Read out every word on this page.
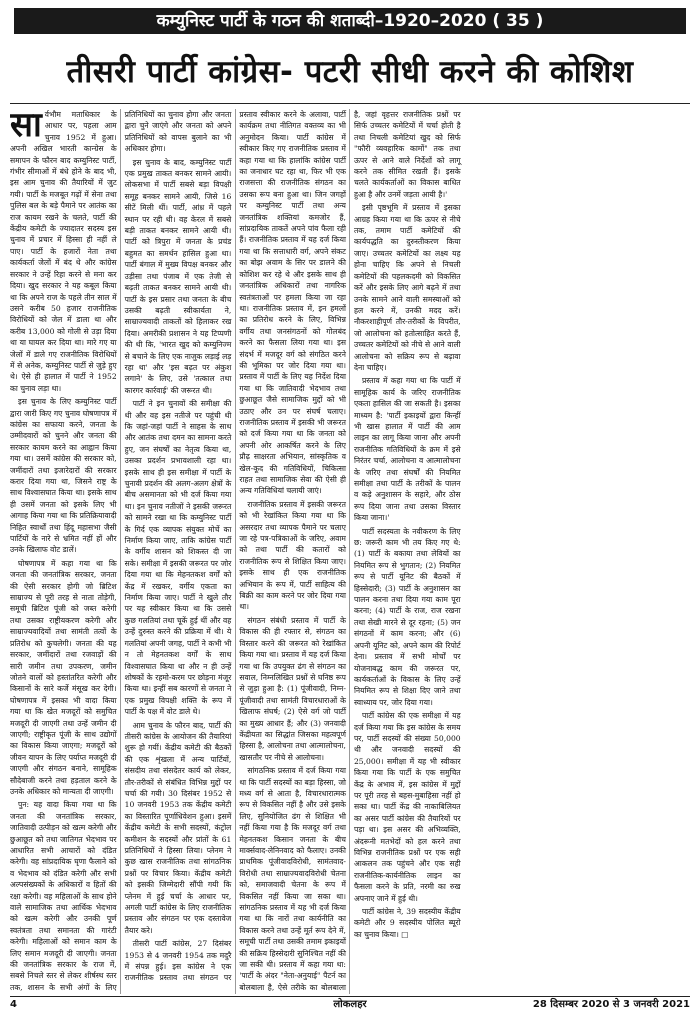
कम्युनिस्ट पार्टी के गठन की शताब्दी–1920–2020 ( 35 )
तीसरी पार्टी कांग्रेस- पटरी सीधी करने की कोशिश

सार्वभौम मताधिकार के आधार पर, पहला आम चुनाव 1952 में हुआ। अपनी अखिल भारती कान्ग्रेस के समापन के फौरन बाद कम्युनिस्ट पार्टी, गंभीर सीमाओं में बंधे होने के बाद भी, इस आम चुनाव की तैयारियों में जुट गयी। पार्टी के मजबूत गढ़ों में सेना तथा पुलिस बल के बड़े पैमाने पर आतंक का राज कायम रखने के चलते, पार्टी की केंद्रीय कमेटी के ज्यादातर सदस्य इस चुनाव में प्रचार में हिस्सा ही नहीं ले पाए। पार्टी के हजारों नेता तथा कार्यकर्ता जेलों में बंद थे और कांग्रेस सरकार ने उन्हें रिहा करने से मना कर दिया। खुद सरकार ने यह कबूल किया था कि अपने राज के पहले तीन साल में उसने करीब 50 हजार राजनीतिक विरोधियों को जेल में डाला था और करीब 13,000 को गोली से उड़ा दिया था या घायल कर दिया था। मारे गए या जेलों में डाले गए राजनीतिक विरोधियों में से अनेक, कम्युनिस्ट पार्टी से जुड़े हुए थे। ऐसे ही हालात में पार्टी ने 1952 का चुनाव लड़ा था।

इस चुनाव के लिए कम्युनिस्ट पार्टी द्वारा जारी किए गए चुनाव घोषणापत्र में कांग्रेस का सफाया करने, जनता के उम्मीदवारों को चुनने और जनता की सरकार कायम करने का आह्वान किया गया था। उसमें कांग्रेस की सरकार को, जमींदारों तथा इजारेदारों की सरकार करार दिया गया था, जिसने राष्ट्र के साथ विश्वासघात किया था। इसके साथ ही उसमें जनता को इसके लिए भी आगाह किया गया था कि प्रतिक्रियावादी निहित स्वार्थों तथा हिंदू महासभा जैसी पार्टियों के नारे से भ्रमित नहीं हों और उनके खिलाफ वोट डालें।

घोषणापत्र में कहा गया था कि जनता की जनतांत्रिक सरकार, जनता की ऐसी सरकार होगी जो ब्रिटिश साम्राज्य से पूरी तरह से नाता तोड़ेगी, समूची ब्रिटिश पूंजी को जब्त करेगी तथा उसका राष्ट्रीयकरण करेगी और साम्राज्यवादियों तथा सामंती तत्वों के प्रतिरोध को कुचलेगी। जनता की यह सरकार, जमींदारों तथा रजवाड़ों की सारी जमीन तथा उपकरण, जमीन जोतने वालों को हस्तांतरित करेगी और किसानों के सारे कर्जे मंसूख कर देगी। घोषणापत्र में इसका भी वादा किया गया था कि खेत मजदूरों को समुचित मजदूरी दी जाएगी तथा उन्हें जमीन दी जाएगी; राष्ट्रीकृत पूंजी के साथ उद्योगों का विकास किया जाएगा; मजदूरों को जीवन यापन के लिए पर्याप्त मजदूरी दी जाएगी और संगठन बनाने, सामूहिक सौदेबाजी करने तथा हड़ताल करने के उनके अधिकार को मान्यता दी जाएगी।

पुन: यह वादा किया गया था कि जनता की जनतांत्रिक सरकार, जातिवादी उत्पीड़न को खत्म करेगी और छुआछूत को तथा जातिगत भेदभाव पर आधारित सभी आचारों को दंडित करेगी। वह सांप्रदायिक घृणा फैलाने को व भेदभाव को दंडित करेगी और सभी अल्पसंख्यकों के अधिकारों व हितों की रक्षा करेगी। वह महिलाओं के साथ होने वाले सामाजिक तथा आर्थिक भेदभाव को खत्म करेगी और उनकी पूर्ण स्वतंत्रता तथा समानता की गारंटी करेगी। महिलाओं को समान काम के लिए समान मजदूरी दी जाएगी। जनता की जनतांत्रिक सरकार के राज में, सबसे निचले स्तर से लेकर शीर्षस्थ स्तर तक, शासन के सभी अंगों के लिए प्रतिनिधियों का चुनाव होगा और जनता द्वारा चुने जाएंगे और जनता को अपने प्रतिनिधियों को वापस बुलाने का भी अधिकार होगा।

इस चुनाव के बाद, कम्युनिस्ट पार्टी एक प्रमुख ताकत बनकर सामने आयी। लोकसभा में पार्टी सबसे बड़ा विपक्षी समूह बनकर सामने आयी, जिसे 16 सीटें मिली थीं। पार्टी, आंध्र में पहले स्थान पर रही थी। वह केरल में सबसे बड़ी ताकत बनकर सामने आयी थी। पार्टी को त्रिपुरा में जनता के प्रचंड बहुमत का समर्थन हासिल हुआ था। पार्टी बंगाल में मुख्य विपक्ष बनकर और उड़ीसा तथा पंजाब में एक तेजी से बढ़ती ताकत बनकर सामने आयी थी। पार्टी के इस प्रसार तथा जनता के बीच उसकी बढ़ती स्वीकार्यता ने, साम्राज्यवादी ताकतों को हिलाकर रख दिया। अमरीकी प्रशासन ने यह टिप्पणी की थी कि, 'भारत खुद को कम्युनिज्म से बचाने के लिए एक नाजुक लड़ाई लड़ रहा था' और 'इस बढ़त पर अंकुश लगाने' के लिए, उसे 'तत्काल तथा कारगर कार्रवाई' की जरूरत थी।

पार्टी ने इन चुनावों की समीक्षा की थी और वह इस नतीजे पर पहुंची थी कि जहां-जहां पार्टी ने साहस के साथ और आतंक तथा दमन का सामना करते हुए, जन संघर्षों का नेतृत्व किया था, उसका प्रदर्शन प्रभावशाली रहा था। इसके साथ ही इस समीक्षा में पार्टी के चुनावी प्रदर्शन की अलग-अलग क्षेत्रों के बीच असमानता को भी दर्ज किया गया था। इन चुनाव नतीजों ने इसकी जरूरत को सामने रखा था कि कम्युनिस्ट पार्टी के गिर्द एक व्यापक संयुक्त मोर्चे का निर्माण किया जाए, ताकि कांग्रेस पार्टी के वर्गीय शासन को शिकस्त दी जा सके। समीक्षा में इसकी जरूरत पर जोर दिया गया था कि मेहनतकश वर्गों को केंद्र में रखकर, वर्गीय एकता का निर्माण किया जाए। पार्टी ने खुले तौर पर यह स्वीकार किया था कि उससे कुछ गलतियां तथा चूकें हुई थीं और वह उन्हें दुरुस्त करने की प्रक्रिया में थी। ये गलतियां अपनी जगह, पार्टी ने कभी भी न तो मेहनतकश वर्गों के साथ विश्वासघात किया था और न ही उन्हें शोषकों के रहमो-करम पर छोड़ना मंजूर किया था। इन्हीं सब कारणों से जनता ने एक प्रमुख विपक्षी शक्ति के रूप में पार्टी के पक्ष में वोट डाले थे।

आम चुनाव के फौरन बाद, पार्टी की तीसरी कांग्रेस के आयोजन की तैयारियां शुरू हो गयीं। केंद्रीय कमेटी की बैठकों की एक शृंखला में अन्य पार्टियों, संसदीय तथा संसदेतर कार्य को लेकर, तौर-तरीकों से संबंधित विभिन्न मुद्दों पर चर्चा की गयी। 30 दिसंबर 1952 से 10 जनवरी 1953 तक केंद्रीय कमेटी का विस्तारित पूर्णाधिवेशन हुआ। इसमें केंद्रीय कमेटी के सभी सदस्यों, कंट्रोल कमीशन के सदस्यों और प्रांतों के 61 प्रतिनिधियों ने हिस्सा लिया। प्लेनम ने कुछ खास राजनीतिक तथा सांगठनिक प्रश्नों पर विचार किया। केंद्रीय कमेटी को इसकी जिम्मेदारी सौंपी गयी कि प्लेनम में हुई चर्चा के आधार पर, अगली पार्टी कांग्रेस के लिए राजनीतिक प्रस्ताव और संगठन पर एक दस्तावेज तैयार करे।

तीसरी पार्टी कांग्रेस, 27 दिसंबर 1953 से 4 जनवरी 1954 तक मदुरै में संपन्न हुई। इस कांग्रेस ने एक राजनीतिक प्रस्ताव तथा संगठन पर प्रस्ताव स्वीकार करने के अलावा, पार्टी कार्यक्रम तथा नीतिगत वक्तव्य का भी अनुमोदन किया। पार्टी कांग्रेस में स्वीकार किए गए राजनीतिक प्रस्ताव में कहा गया था कि हालांकि कांग्रेस पार्टी का जनाधार घट रहा था, फिर भी एक राजसत्ता की राजनीतिक संगठन का उसका रूप बना हुआ था। जिन जगहों पर कम्युनिस्ट पार्टी तथा अन्य जनतांत्रिक शक्तियां कमजोर हैं, सांप्रदायिक ताकतें अपने पांव फैला रही हैं। राजनीतिक प्रस्ताव में यह दर्ज किया गया था कि सत्ताधारी वर्ग, अपने संकट का बोझ अवाम के सिर पर डालने की कोशिश कर रहे थे और इसके साथ ही जनतांत्रिक अधिकारों तथा नागरिक स्वतंत्रताओं पर हमला किया जा रहा था। राजनीतिक प्रस्ताव में, इन हमलों का प्रतिरोध करने के लिए, विभिन्न वर्गीय तथा जनसंगठनों को गोलबंद करने का फैसला लिया गया था। इस संदर्भ में मजदूर वर्ग को संगठित करने की भूमिका पर जोर दिया गया था। प्रस्ताव में पार्टी के लिए यह निर्देश दिया गया था कि जातिवादी भेदभाव तथा छुआछूत जैसे सामाजिक मुद्दों को भी उठाए और उन पर संघर्ष चलाए। राजनीतिक प्रस्ताव में इसकी भी जरूरत को दर्ज किया गया था कि जनता को अपनी ओर आकर्षित करने के लिए प्रौढ़ साक्षरता अभियान, सांस्कृतिक व खेल-कूद की गतिविधियों, चिकित्सा राहत तथा सामाजिक सेवा की ऐसी ही अन्य गतिविधियां चलायी जाएं।

राजनीतिक प्रस्ताव में इसकी जरूरत को भी रेखांकित किया गया था कि असरदार तथा व्यापक पैमाने पर चलाए जा रहे पत्र-पत्रिकाओं के जरिए, अवाम को तथा पार्टी की कतारों को राजनीतिक रूप से शिक्षित किया जाए। इसके साथ ही एक राजनीतिक अभियान के रूप में, पार्टी साहित्य की बिक्री का काम करने पर जोर दिया गया था।

संगठन संबंधी प्रस्ताव में पार्टी के विकास की ही रफ्तार से, संगठन का विस्तार करने की जरूरत को रेखांकित किया गया था। प्रस्ताव में यह दर्ज किया गया था कि उपयुक्त ढंग से संगठन का सवाल, निम्नलिखित प्रश्नों से घनिष्ठ रूप से जुड़ा हुआ है: (1) पूंजीवादी, निम्न-पूंजीवादी तथा सामंती विचारधाराओं के खिलाफ संघर्ष; (2) ऐसे वर्ग जो पार्टी का मुख्य आधार हैं; और (3) जनवादी केंद्रीयता का सिद्धांत जिसका महत्वपूर्ण हिस्सा है, आलोचना तथा आत्मालोचना, खासतौर पर नीचे से आलोचना।

सांगठनिक प्रस्ताव में दर्ज किया गया था कि पार्टी सदस्यों का बड़ा हिस्सा, जो मध्य वर्ग से आता है, विचारधारात्मक रूप से विकसित नहीं है और उसे इसके लिए, सुनियोजित ढंग से शिक्षित भी नहीं किया गया है कि मजदूर वर्ग तथा मेहनतकश किसान जनता के बीच मार्क्सवाद-लेनिनवाद को फैलाए। उनकी प्राथमिक पूंजीवादविरोधी, सामंतवाद-विरोधी तथा साम्राज्यवादविरोधी चेतना को, समाजवादी चेतना के रूप में विकसित नहीं किया जा सका था। सांगठनिक प्रस्ताव में यह भी दर्ज किया गया था कि नारों तथा कार्यनीति का विकास करने तथा उन्हें मूर्त रूप देने में, समूची पार्टी तथा उसकी तमाम इकाइयों की सक्रिय हिस्सेदारी सुनिश्चित नहीं की जा सकी थी। प्रस्ताव में कहा गया था: 'पार्टी के अंदर "नेता-अनुयाई" पैटर्न का बोलबाला है, ऐसे तरीके का बोलबाला है, जहां वृहत्तर राजनीतिक प्रश्नों पर सिर्फ उच्चतर कमेटियों में चर्चा होती है तथा निचली कमेटियां खुद को सिर्फ "फौरी व्यवहारिक कामों" तक तथा ऊपर से आने वाले निर्देशों को लागू करने तक सीमित रखती हैं। इसके चलते कार्यकर्ताओं का विकास बाधित हुआ है और उनमें जड़ता आयी है।'

इसी पृष्ठभूमि में प्रस्ताव में इसका आग्रह किया गया था कि ऊपर से नीचे तक, तमाम पार्टी कमेटियों की कार्यपद्धति का दुरुस्तीकरण किया जाए। उच्चतर कमेटियों का लक्ष्य यह होना चाहिए कि अपने से निचली कमेटियों की पहलकदमी को विकसित करें और इसके लिए आगे बढ़ने में तथा उनके सामने आने वाली समस्याओं को हल करने में, उनकी मदद करें। नौकरशाहीपूर्ण तौर-तरीकों के विपरीत, जो आलोचना को हतोत्साहित करते हैं, उच्चतर कमेटियों को नीचे से आने वाली आलोचना को सक्रिय रूप से बढ़ावा देना चाहिए।

प्रस्ताव में कहा गया था कि पार्टी में सामूहिक कार्य के जरिए राजनीतिक एकता हासिल की जा सकती है। इसका माध्यम है: 'पार्टी इकाइयों द्वारा किन्हीं भी खास हालात में पार्टी की आम लाइन का लागू किया जाना और अपनी राजनीतिक गतिविधियों के क्रम में इसे निरंतर चर्चा, आलोचना व आत्मालोचना के जरिए तथा संघर्षों की नियमित समीक्षा तथा पार्टी के तरीकों के पालन व कड़े अनुशासन के सहारे, और ठोस रूप दिया जाना तथा उसका विस्तार किया जाना।'

पार्टी सदस्यता के नवीकरण के लिए छ: जरूरी काम भी तय किए गए थे: (1) पार्टी के बकाया तथा लेवियों का नियमित रूप से भुगतान; (2) नियमित रूप से पार्टी यूनिट की बैठकों में हिस्सेदारी; (3) पार्टी के अनुशासन का पालन करना तथा दिया गया काम पूरा करना; (4) पार्टी के राज, राज रखना तथा सेखी मारने से दूर रहना; (5) जन संगठनों में काम करना; और (6) अपनी यूनिट को, अपने काम की रिपोर्ट देना। प्रस्ताव में सभी मोर्चों पर योजनाबद्ध काम की जरूरत पर, कार्यकर्ताओं के विकास के लिए उन्हें नियमित रूप से शिक्षा दिए जाने तथा स्वाध्याय पर, जोर दिया गया।

पार्टी कांग्रेस की एक समीक्षा में यह दर्ज किया गया कि इस कांग्रेस के समय पर, पार्टी सदस्यों की संख्या 50,000 थी और जनवादी सदस्यों की 25,000। समीक्षा में यह भी स्वीकार किया गया कि पार्टी के एक समुचित केंद्र के अभाव में, इस कांग्रेस में मुद्दों पर पूरी तरह से बहस-मुबाहिसा नहीं हो सका था। पार्टी केंद्र की नाकाबिलियत का असर पार्टी कांग्रेस की तैयारियों पर पड़ा था। इस असर की अभिव्यक्ति, अंदरूनी मतभेदों को हल करने तथा विभिन्न राजनीतिक प्रश्नों पर एक सही आकलन तक पहुंचने और एक सही राजनीतिक-कार्यनीतिक लाइन का फैसला करने के प्रति, नरमी का रुख अपनाए जाने में हुई थी।

पार्टी कांग्रेस ने, 39 सदस्यीय केंद्रीय कमेटी और 9 सदस्यीय पोलित ब्यूरो का चुनाव किया। □

4	लोकलहर	28 दिसम्बर 2020 से 3 जनवरी 2021
